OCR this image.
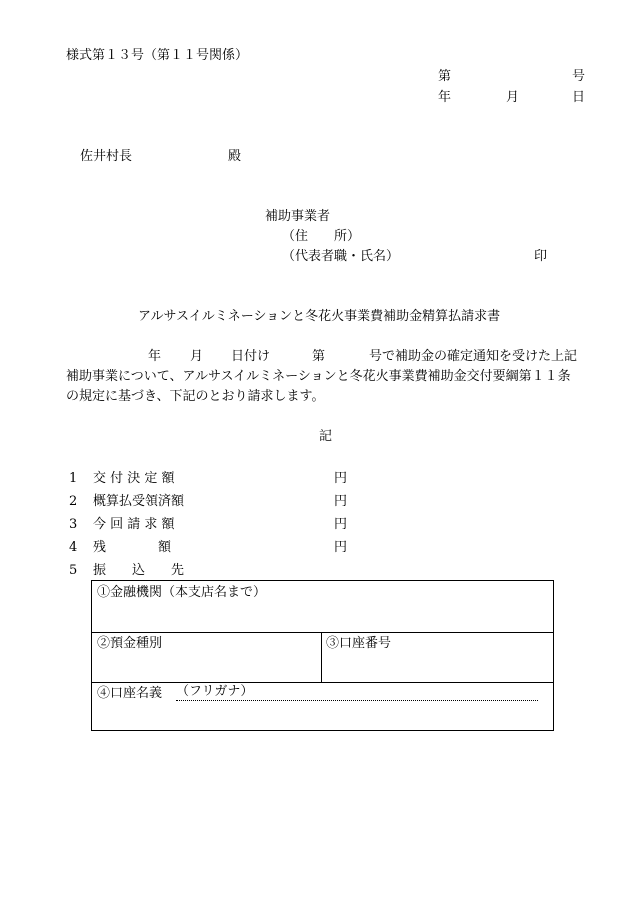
様式第１３号（第１１号関係）
第	号
年	月	日
佐井村長	殿
補助事業者
（住　　所）
（代表者職・氏名）	印
アルサスイルミネーションと冬花火事業費補助金精算払請求書
年 月 日付け	第	号で補助金の確定通知を受けた上記
補助事業について、アルサスイルミネーションと冬花火事業費補助金交付要綱第１１条
の規定に基づき、下記のとおり請求します。
記
1 交 付 決 定 額	円
2 概算払受領済額	円
3 今 回 請 求 額	円
4 残　　　　額	円
5 振　　込　　先
①金融機関（本支店名まで）
②預金種別	③口座番号
④口座名義 （フリガナ）
